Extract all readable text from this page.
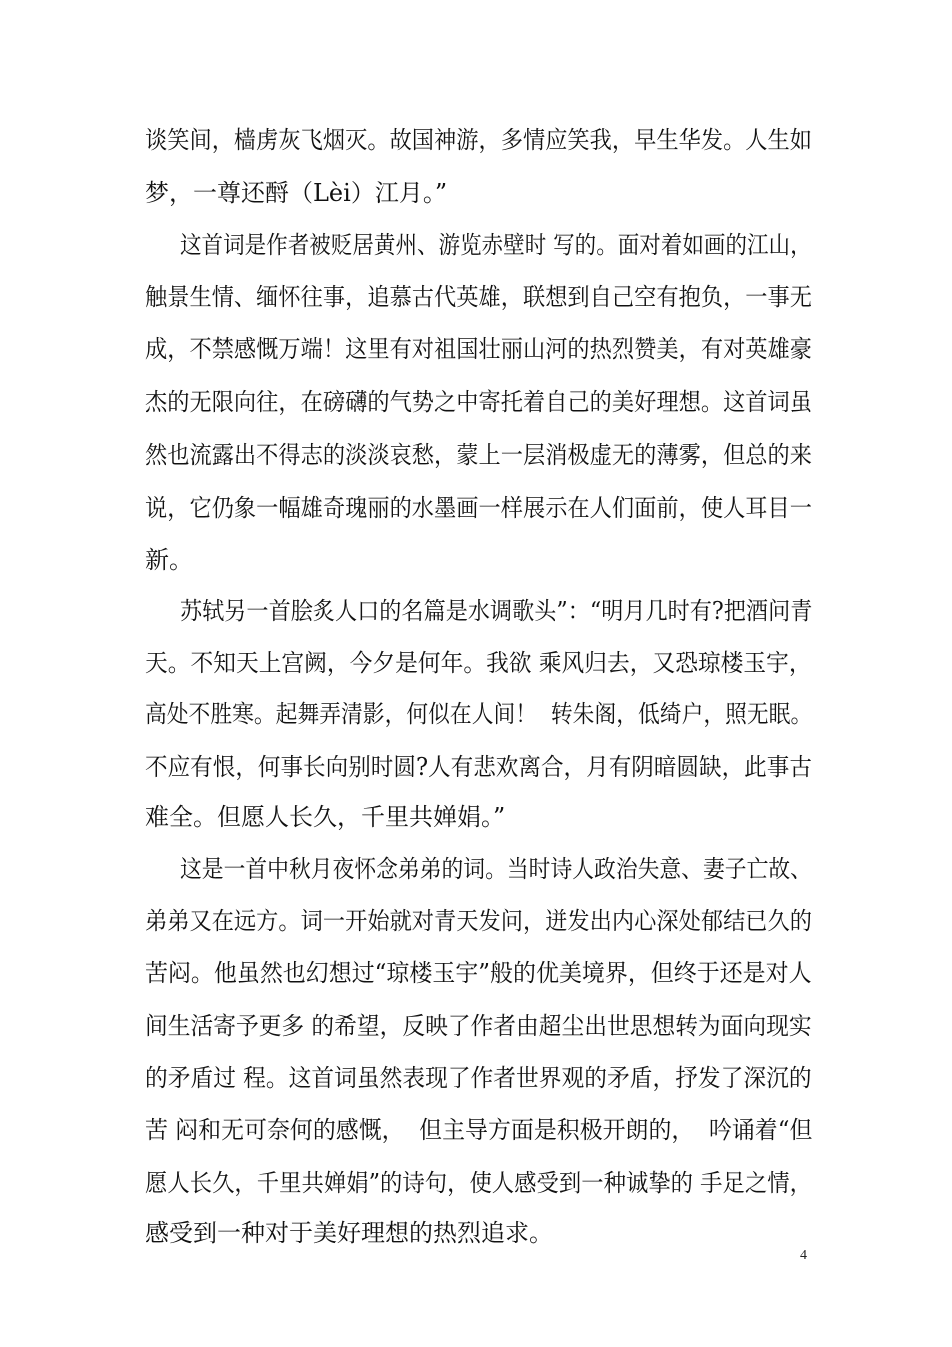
谈笑间，樯虏灰飞烟灭。故国神游，多情应笑我，早生华发。人生如
梦，一尊还酹（Lèi）江月。”
这首词是作者被贬居黄州、游览赤壁时 写的。面对着如画的江山，
触景生情、缅怀往事，追慕古代英雄，联想到自己空有抱负，一事无
成，不禁感慨万端！这里有对祖国壮丽山河的热烈赞美，有对英雄豪
杰的无限向往，在磅礴的气势之中寄托着自己的美好理想。这首词虽
然也流露出不得志的淡淡哀愁，蒙上一层消极虚无的薄雾，但总的来
说，它仍象一幅雄奇瑰丽的水墨画一样展示在人们面前，使人耳目一
新。
苏轼另一首脍炙人口的名篇是水调歌头”：“明月几时有?把酒问青
天。不知天上宫阙，今夕是何年。我欲 乘风归去，又恐琼楼玉宇，
高处不胜寒。起舞弄清影，何似在人间！  转朱阁，低绮户，照无眠。
不应有恨，何事长向别时圆?人有悲欢离合，月有阴暗圆缺，此事古
难全。但愿人长久，千里共婵娟。”
这是一首中秋月夜怀念弟弟的词。当时诗人政治失意、妻子亡故、
弟弟又在远方。词一开始就对青天发问，迸发出内心深处郁结已久的
苦闷。他虽然也幻想过“琼楼玉宇”般的优美境界，但终于还是对人
间生活寄予更多 的希望，反映了作者由超尘出世思想转为面向现实
的矛盾过 程。这首词虽然表现了作者世界观的矛盾，抒发了深沉的
苦 闷和无可奈何的感慨，  但主导方面是积极开朗的，  吟诵着“但
愿人长久，千里共婵娟”的诗句，使人感受到一种诚挚的 手足之情，
感受到一种对于美好理想的热烈追求。
4
